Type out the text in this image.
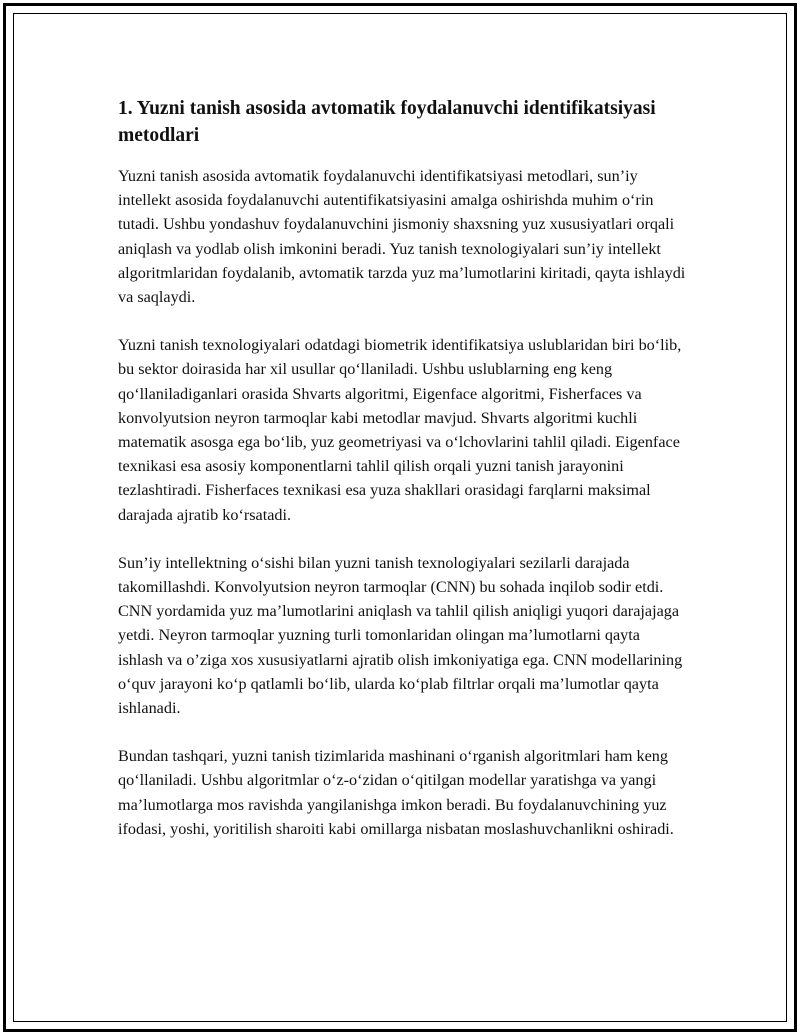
1. Yuzni tanish asosida avtomatik foydalanuvchi identifikatsiyasi metodlari

Yuzni tanish asosida avtomatik foydalanuvchi identifikatsiyasi metodlari, sun’iy intellekt asosida foydalanuvchi autentifikatsiyasini amalga oshirishda muhim o‘rin tutadi. Ushbu yondashuv foydalanuvchini jismoniy shaxsning yuz xususiyatlari orqali aniqlash va yodlab olish imkonini beradi. Yuz tanish texnologiyalari sun’iy intellekt algoritmlaridan foydalanib, avtomatik tarzda yuz ma’lumotlarini kiritadi, qayta ishlaydi va saqlaydi.

Yuzni tanish texnologiyalari odatdagi biometrik identifikatsiya uslublaridan biri bo‘lib, bu sektor doirasida har xil usullar qo‘llaniladi. Ushbu uslublarning eng keng qo‘llaniladiganlari orasida Shvarts algoritmi, Eigenface algoritmi, Fisherfaces va konvolyutsion neyron tarmoqlar kabi metodlar mavjud. Shvarts algoritmi kuchli matematik asosga ega bo‘lib, yuz geometriyasi va o‘lchovlarini tahlil qiladi. Eigenface texnikasi esa asosiy komponentlarni tahlil qilish orqali yuzni tanish jarayonini tezlashtiradi. Fisherfaces texnikasi esa yuza shakllari orasidagi farqlarni maksimal darajada ajratib ko‘rsatadi.

Sun’iy intellektning o‘sishi bilan yuzni tanish texnologiyalari sezilarli darajada takomillashdi. Konvolyutsion neyron tarmoqlar (CNN) bu sohada inqilob sodir etdi. CNN yordamida yuz ma’lumotlarini aniqlash va tahlil qilish aniqligi yuqori darajajaga yetdi. Neyron tarmoqlar yuzning turli tomonlaridan olingan ma’lumotlarni qayta ishlash va o’ziga xos xususiyatlarni ajratib olish imkoniyatiga ega. CNN modellarining o‘quv jarayoni ko‘p qatlamli bo‘lib, ularda ko‘plab filtrlar orqali ma’lumotlar qayta ishlanadi.

Bundan tashqari, yuzni tanish tizimlarida mashinani o‘rganish algoritmlari ham keng qo‘llaniladi. Ushbu algoritmlar o‘z-o‘zidan o‘qitilgan modellar yaratishga va yangi ma’lumotlarga mos ravishda yangilanishga imkon beradi. Bu foydalanuvchining yuz ifodasi, yoshi, yoritilish sharoiti kabi omillarga nisbatan moslashuvchanlikni oshiradi.
